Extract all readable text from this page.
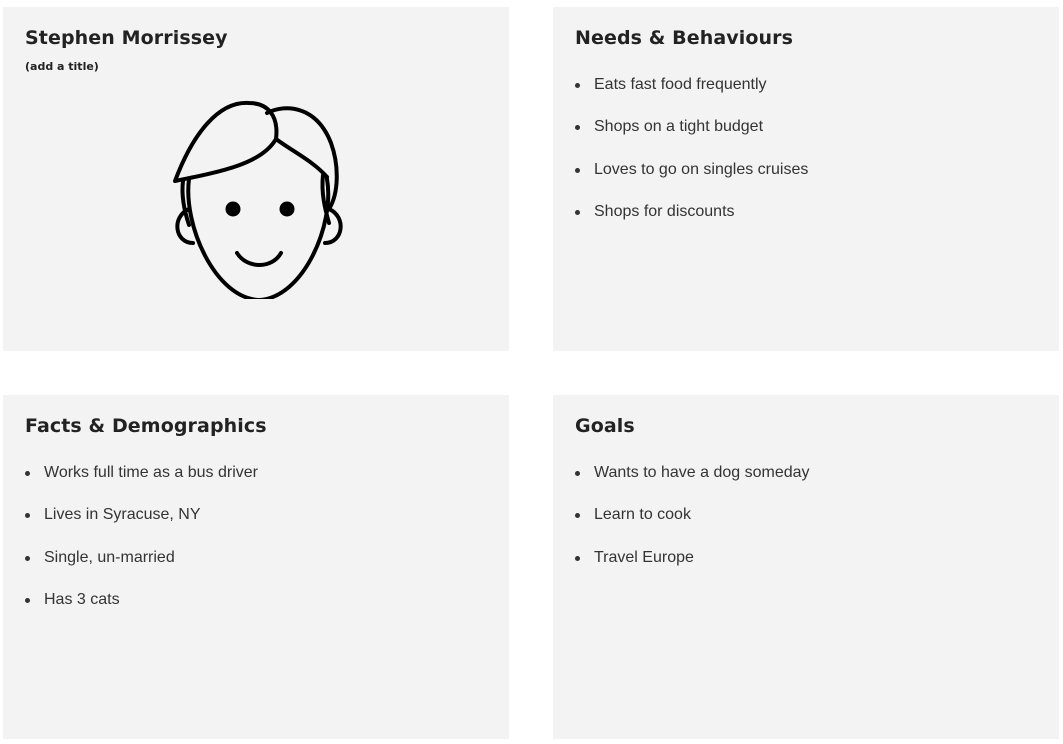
Stephen Morrissey
(add a title)
Needs & Behaviours
Eats fast food frequently
Shops on a tight budget
Loves to go on singles cruises
Shops for discounts
Facts & Demographics
Works full time as a bus driver
Lives in Syracuse, NY
Single, un-married
Has 3 cats
Goals
Wants to have a dog someday
Learn to cook
Travel Europe
